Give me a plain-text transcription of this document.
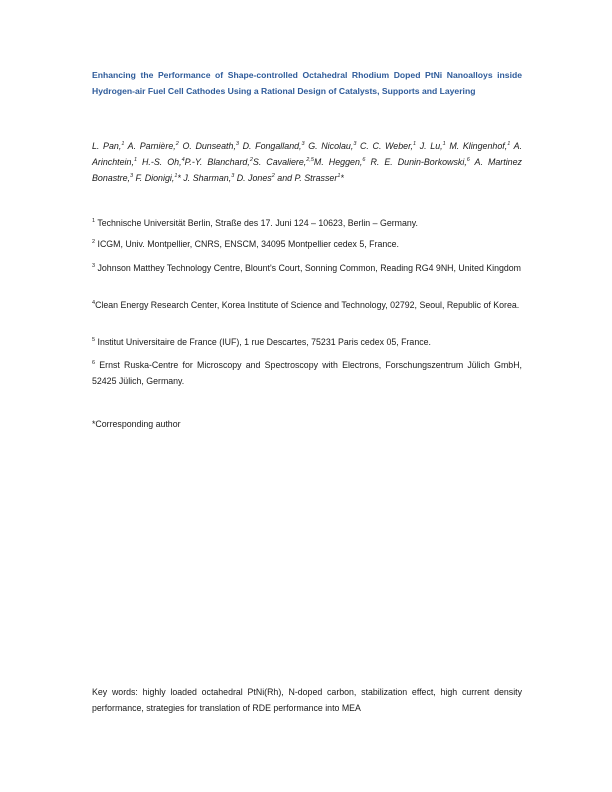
Enhancing the Performance of Shape-controlled Octahedral Rhodium Doped PtNi Nanoalloys inside Hydrogen-air Fuel Cell Cathodes Using a Rational Design of Catalysts, Supports and Layering
L. Pan,$^1$ A. Parnière,$^2$ O. Dunseath,$^3$ D. Fongalland,$^3$ G. Nicolau,$^3$ C. C. Weber,$^1$ J. Lu,$^1$ M. Klingenhof,$^1$ A. Arinchtein,$^1$ H.-S. Oh,$^4$P.-Y. Blanchard,$^2$S. Cavaliere,$^{2,5}$M. Heggen,$^6$ R. E. Dunin-Borkowski,$^6$ A. Martinez Bonastre,$^3$ F. Dionigi,$^1$* J. Sharman,$^3$ D. Jones$^2$ and P. Strasser$^1$*
$^1$ Technische Universität Berlin, Straße des 17. Juni 124 – 10623, Berlin – Germany.
$^2$ ICGM, Univ. Montpellier, CNRS, ENSCM, 34095 Montpellier cedex 5, France.
$^3$ Johnson Matthey Technology Centre, Blount's Court, Sonning Common, Reading RG4 9NH, United Kingdom
$^4$Clean Energy Research Center, Korea Institute of Science and Technology, 02792, Seoul, Republic of Korea.
$^5$ Institut Universitaire de France (IUF), 1 rue Descartes, 75231 Paris cedex 05, France.
$^6$ Ernst Ruska-Centre for Microscopy and Spectroscopy with Electrons, Forschungszentrum Jülich GmbH, 52425 Jülich, Germany.
*Corresponding author
Key words: highly loaded octahedral PtNi(Rh), N-doped carbon, stabilization effect, high current density performance, strategies for translation of RDE performance into MEA
